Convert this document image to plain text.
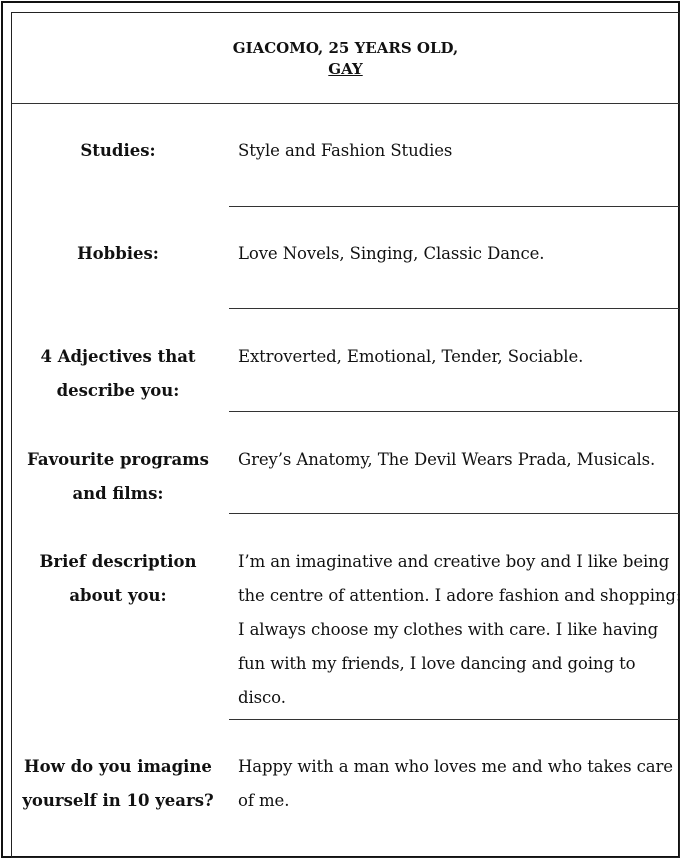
GIACOMO, 25 YEARS OLD,
GAY
Studies:	Style and Fashion Studies
Hobbies:	Love Novels, Singing, Classic Dance.
4 Adjectives that
describe you:
Extroverted, Emotional, Tender, Sociable.
Favourite programs
and films:
Grey’s Anatomy, The Devil Wears Prada, Musicals.
Brief description
about you:
I’m an imaginative and creative boy and I like being
the centre of attention. I adore fashion and shopping:
I always choose my clothes with care. I like having
fun with my friends, I love dancing and going to
disco.
How do you imagine
yourself in 10 years?
Happy with a man who loves me and who takes care
of me.
